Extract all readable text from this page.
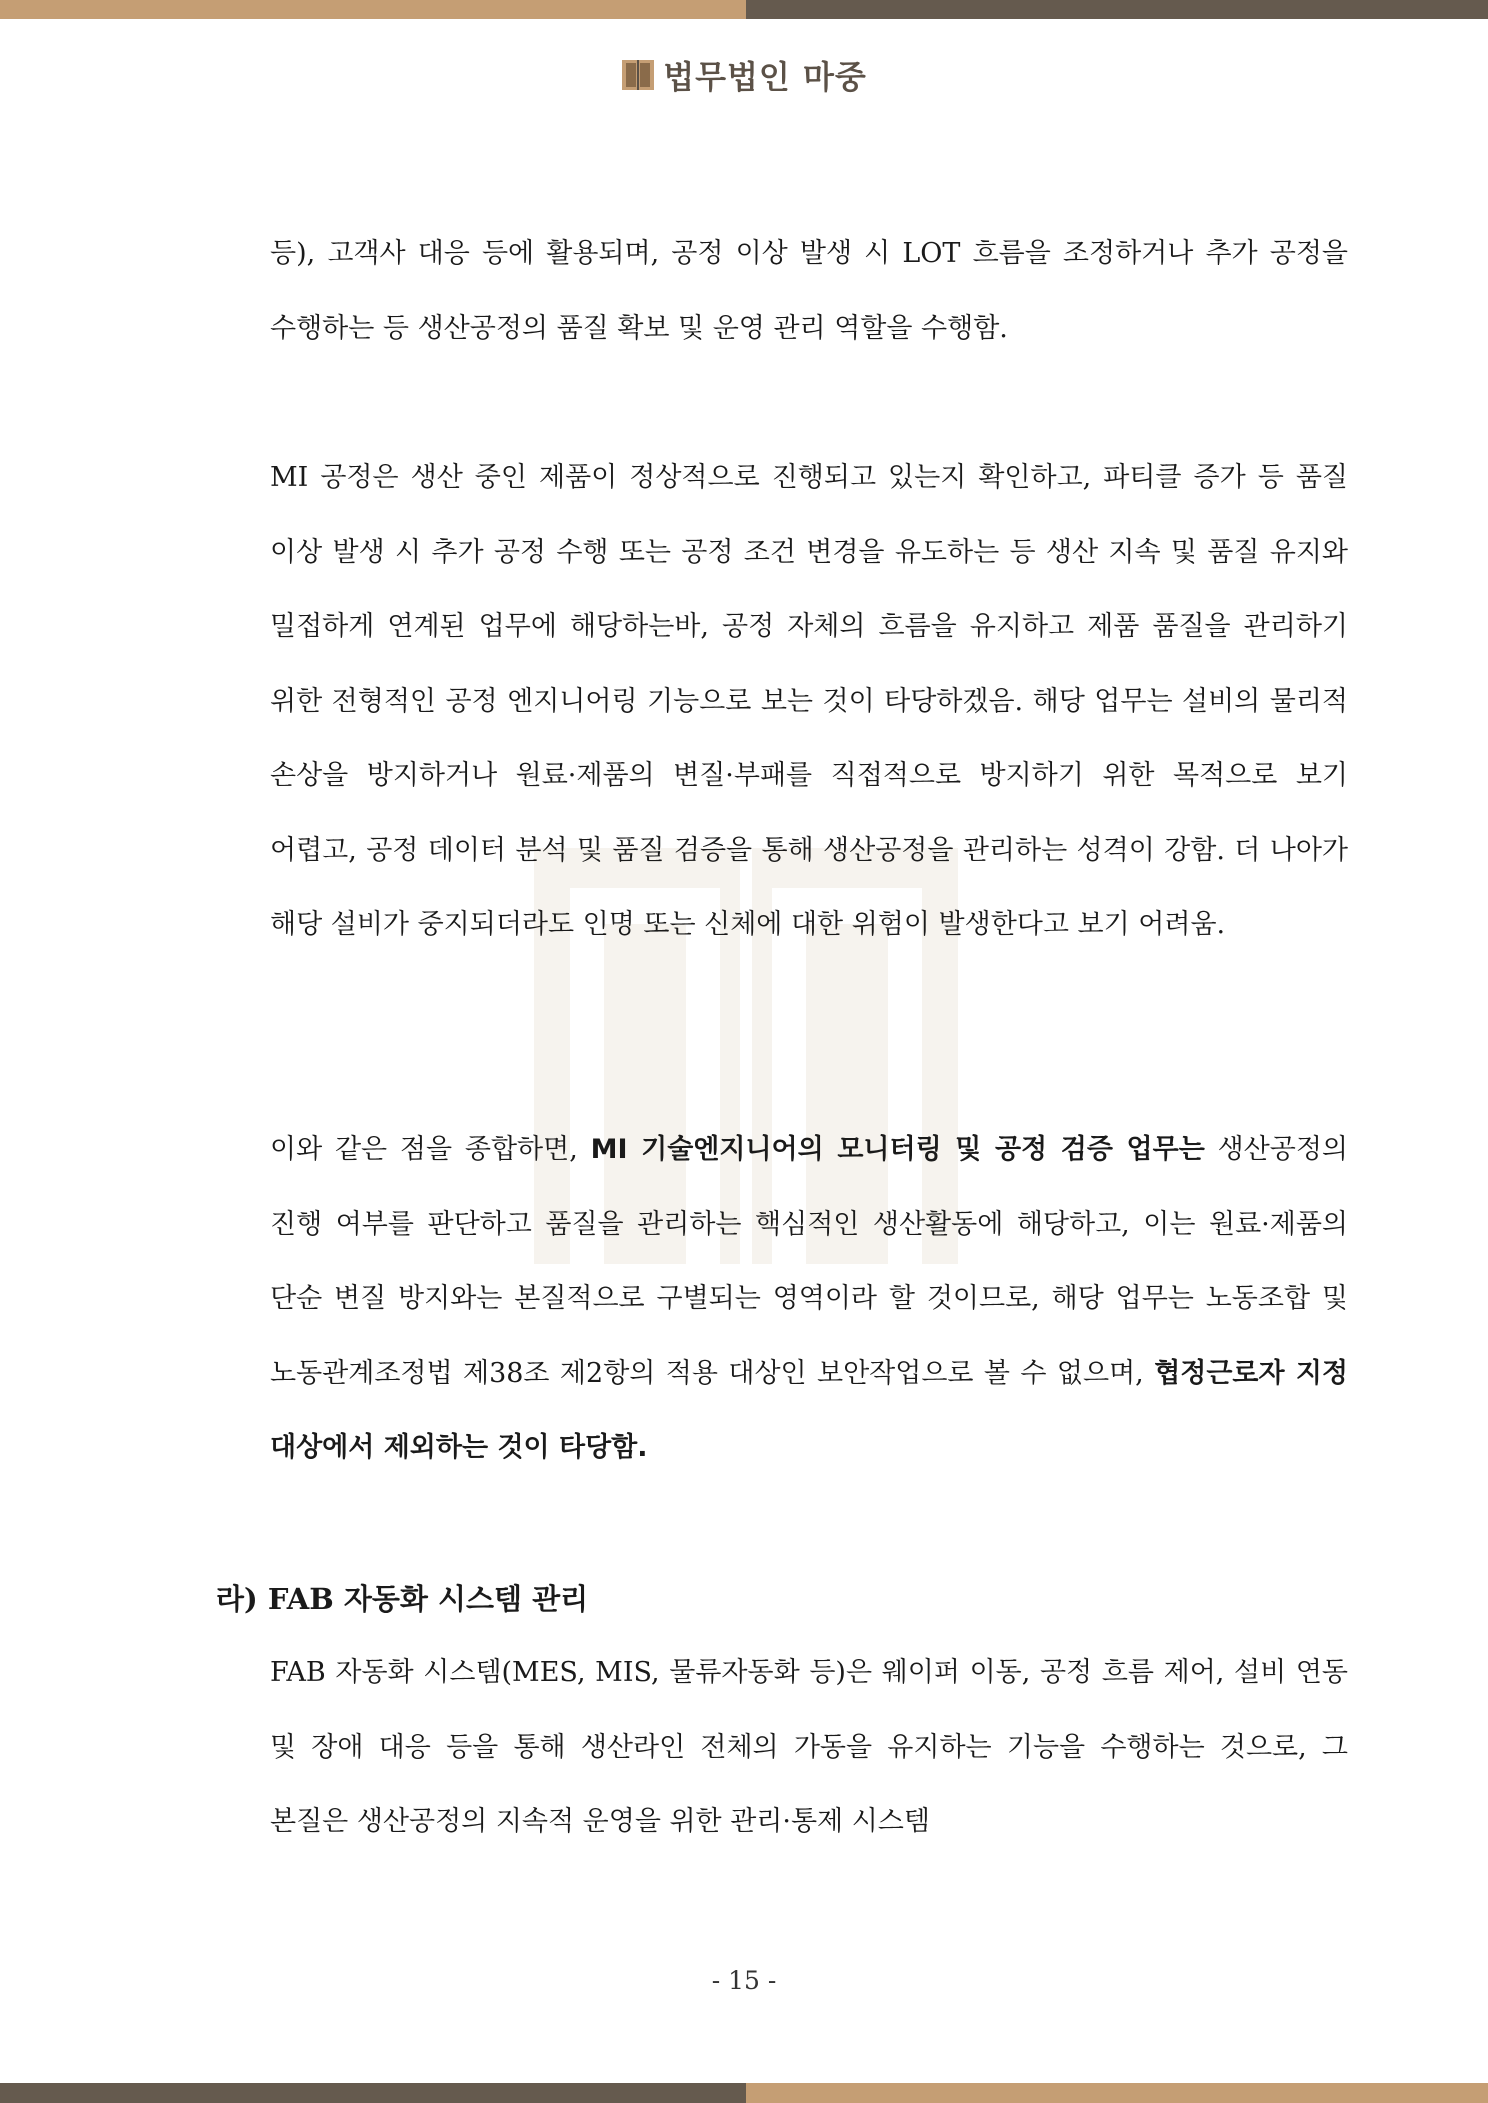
법무법인 마중

등), 고객사 대응 등에 활용되며, 공정 이상 발생 시 LOT 흐름을 조정하거나 추가 공정을 수행하는 등 생산공정의 품질 확보 및 운영 관리 역할을 수행함.

MI 공정은 생산 중인 제품이 정상적으로 진행되고 있는지 확인하고, 파티클 증가 등 품질 이상 발생 시 추가 공정 수행 또는 공정 조건 변경을 유도하는 등 생산 지속 및 품질 유지와 밀접하게 연계된 업무에 해당하는바, 공정 자체의 흐름을 유지하고 제품 품질을 관리하기 위한 전형적인 공정 엔지니어링 기능으로 보는 것이 타당하겠음. 해당 업무는 설비의 물리적 손상을 방지하거나 원료·제품의 변질·부패를 직접적으로 방지하기 위한 목적으로 보기 어렵고, 공정 데이터 분석 및 품질 검증을 통해 생산공정을 관리하는 성격이 강함. 더 나아가 해당 설비가 중지되더라도 인명 또는 신체에 대한 위험이 발생한다고 보기 어려움.

이와 같은 점을 종합하면, MI 기술엔지니어의 모니터링 및 공정 검증 업무는 생산공정의 진행 여부를 판단하고 품질을 관리하는 핵심적인 생산활동에 해당하고, 이는 원료·제품의 단순 변질 방지와는 본질적으로 구별되는 영역이라 할 것이므로, 해당 업무는 노동조합 및 노동관계조정법 제38조 제2항의 적용 대상인 보안작업으로 볼 수 없으며, 협정근로자 지정 대상에서 제외하는 것이 타당함.

라) FAB 자동화 시스템 관리

FAB 자동화 시스템(MES, MIS, 물류자동화 등)은 웨이퍼 이동, 공정 흐름 제어, 설비 연동 및 장애 대응 등을 통해 생산라인 전체의 가동을 유지하는 기능을 수행하는 것으로, 그 본질은 생산공정의 지속적 운영을 위한 관리·통제 시스템

- 15 -
